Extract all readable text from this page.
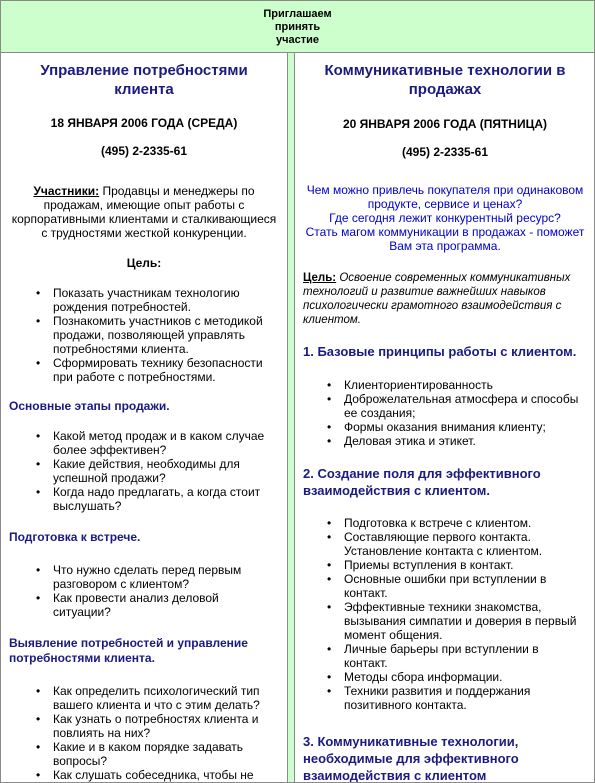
Приглашаем
принять
участие
Управление потребностями клиента
18 ЯНВАРЯ 2006 ГОДА (СРЕДА)
(495) 2-2335-61
Участники: Продавцы и менеджеры по продажам, имеющие опыт работы с корпоративными клиентами и сталкивающиеся с трудностями жесткой конкуренции.
Цель:
• Показать участникам технологию рождения потребностей.
• Познакомить участников с методикой продажи, позволяющей управлять потребностями клиента.
• Сформировать технику безопасности при работе с потребностями.
Основные этапы продажи.
• Какой метод продаж и в каком случае более эффективен?
• Какие действия, необходимы для успешной продажи?
• Когда надо предлагать, а когда стоит выслушать?
Подготовка к встрече.
• Что нужно сделать перед первым разговором с клиентом?
• Как провести анализ деловой ситуации?
Выявление потребностей и управление потребностями клиента.
• Как определить психологический тип вашего клиента и что с этим делать?
• Как узнать о потребностях клиента и повлиять на них?
• Какие и в каком порядке задавать вопросы?
• Как слушать собеседника, чтобы не
Коммуникативные технологии в продажах
20 ЯНВАРЯ 2006 ГОДА (ПЯТНИЦА)
(495) 2-2335-61
Чем можно привлечь покупателя при одинаковом продукте, сервисе и ценах?
Где сегодня лежит конкурентный ресурс?
Стать магом коммуникации в продажах - поможет Вам эта программа.
Цель: Освоение современных коммуникативных технологий и развитие важнейших навыков психологически грамотного взаимодействия с клиентом.
1. Базовые принципы работы с клиентом.
• Клиенториентированность
• Доброжелательная атмосфера и способы ее создания;
• Формы оказания внимания клиенту;
• Деловая этика и этикет.
2. Создание поля для эффективного взаимодействия с клиентом.
• Подготовка к встрече с клиентом.
• Составляющие первого контакта. Установление контакта с клиентом.
• Приемы вступления в контакт.
• Основные ошибки при вступлении в контакт.
• Эффективные техники знакомства, вызывания симпатии и доверия в первый момент общения.
• Личные барьеры при вступлении в контакт.
• Методы сбора информации.
• Техники развития и поддержания позитивного контакта.
3. Коммуникативные технологии, необходимые для эффективного взаимодействия с клиентом
